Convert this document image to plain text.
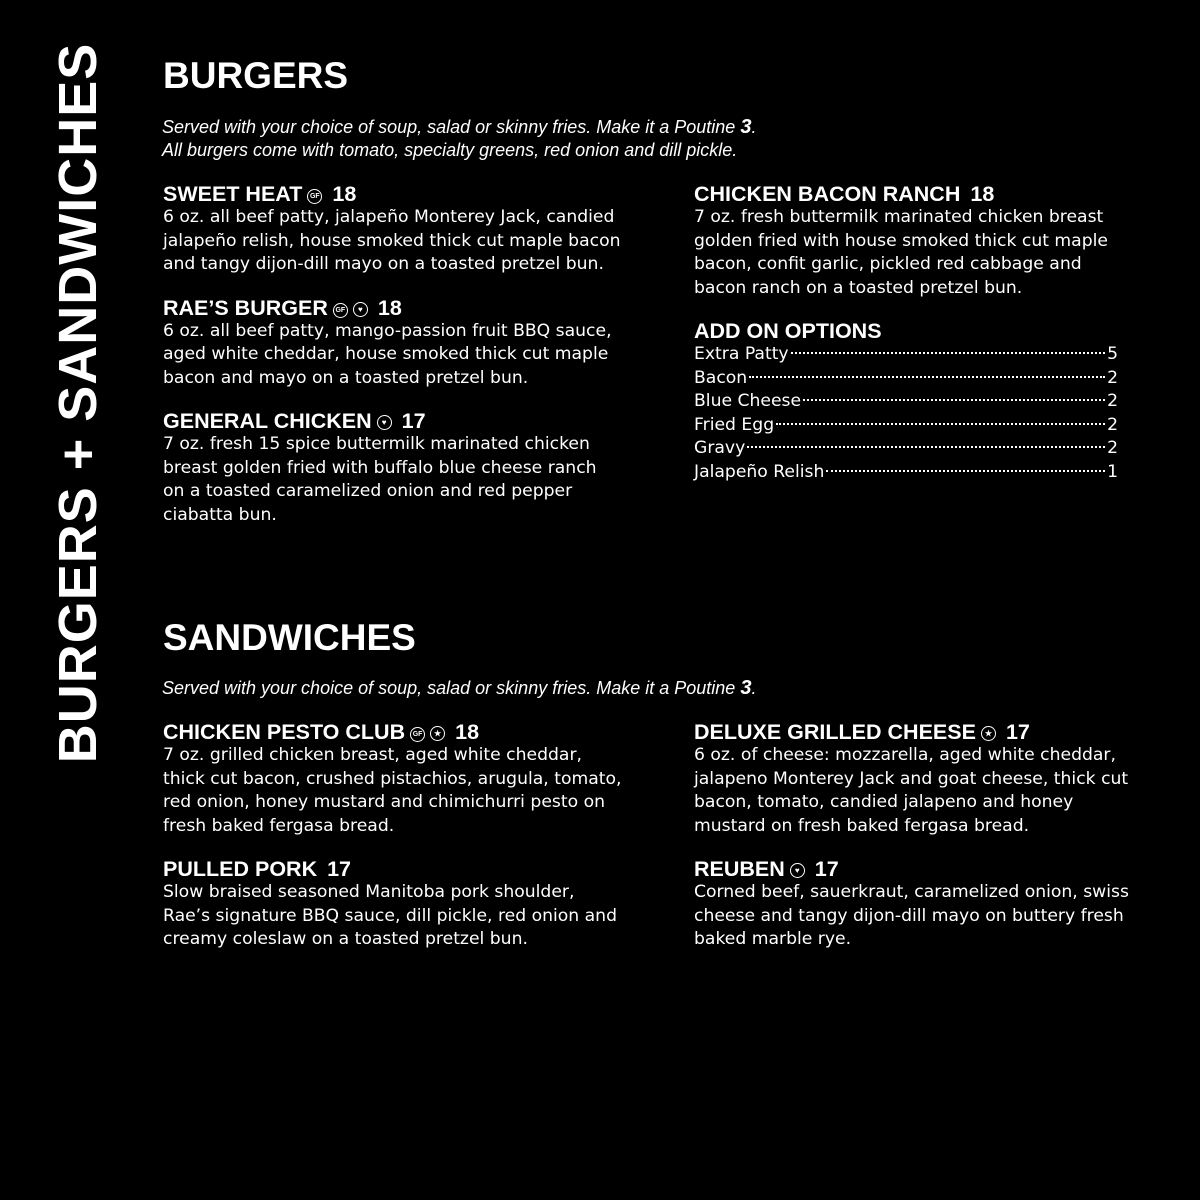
BURGERS + SANDWICHES BURGERS
Served with your choice of soup, salad or skinny fries. Make it a Poutine 3.
All burgers come with tomato, specialty greens, red onion and dill pickle.
SWEET HEAT GF 18
6 oz. all beef patty, jalapeño Monterey Jack, candied jalapeño relish, house smoked thick cut maple bacon and tangy dijon-dill mayo on a toasted pretzel bun.
RAE’S BURGER GF ♥ 18
6 oz. all beef patty, mango-passion fruit BBQ sauce, aged white cheddar, house smoked thick cut maple bacon and mayo on a toasted pretzel bun.
GENERAL CHICKEN ♥ 17
7 oz. fresh 15 spice buttermilk marinated chicken breast golden fried with buffalo blue cheese ranch on a toasted caramelized onion and red pepper ciabatta bun.
CHICKEN BACON RANCH 18
7 oz. fresh buttermilk marinated chicken breast golden fried with house smoked thick cut maple bacon, confit garlic, pickled red cabbage and bacon ranch on a toasted pretzel bun.
ADD ON OPTIONS
Extra Patty	5
Bacon	2
Blue Cheese	2
Fried Egg	2
Gravy	2
Jalapeño Relish	1
SANDWICHES
Served with your choice of soup, salad or skinny fries. Make it a Poutine 3.
CHICKEN PESTO CLUB GF ★ 18
7 oz. grilled chicken breast, aged white cheddar, thick cut bacon, crushed pistachios, arugula, tomato, red onion, honey mustard and chimichurri pesto on fresh baked fergasa bread.
PULLED PORK 17
Slow braised seasoned Manitoba pork shoulder, Rae’s signature BBQ sauce, dill pickle, red onion and creamy coleslaw on a toasted pretzel bun.
DELUXE GRILLED CHEESE ★ 17
6 oz. of cheese: mozzarella, aged white cheddar, jalapeno Monterey Jack and goat cheese, thick cut bacon, tomato, candied jalapeno and honey mustard on fresh baked fergasa bread.
REUBEN ♥ 17
Corned beef, sauerkraut, caramelized onion, swiss cheese and tangy dijon-dill mayo on buttery fresh baked marble rye.
